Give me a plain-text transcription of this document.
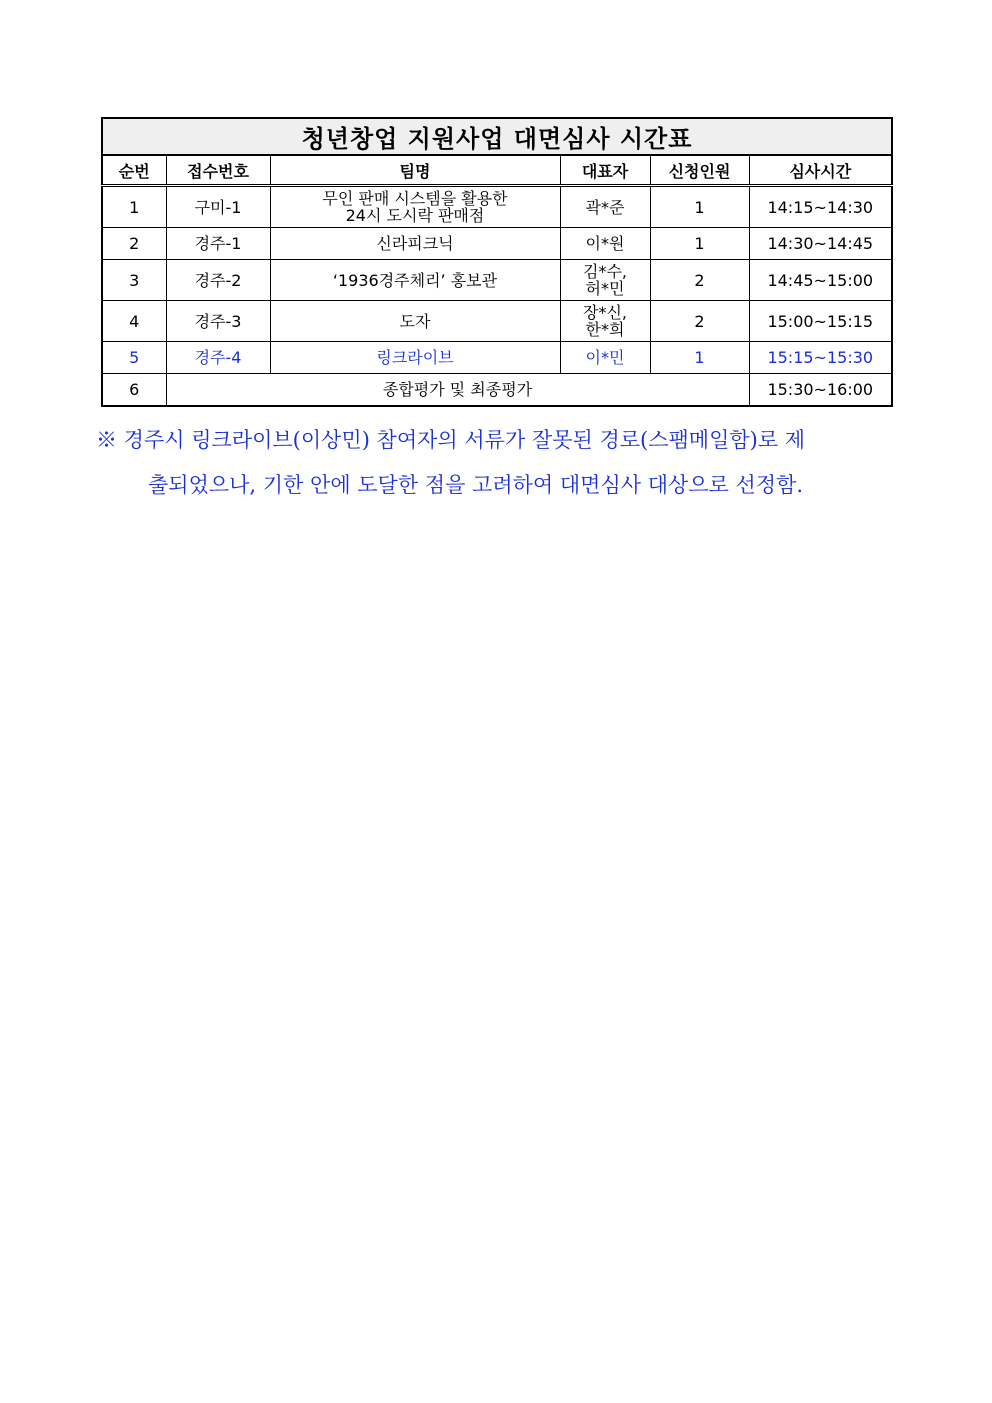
청년창업 지원사업 대면심사 시간표					
순번	접수번호	팀명	대표자	신청인원	심사시간
1	구미-1	무인 판매 시스템을 활용한
24시 도시락 판매점	곽*준	1	14:15~14:30
2	경주-1	신라피크닉	이*원	1	14:30~14:45
3	경주-2	‘1936경주체리’ 홍보관	김*수,
허*민	2	14:45~15:00
4	경주-3	도자	장*신,
한*희	2	15:00~15:15
5	경주-4	링크라이브	이*민	1	15:15~15:30
6	종합평가 및 최종평가				15:30~16:00
※ 경주시 링크라이브(이상민) 참여자의 서류가 잘못된 경로(스팸메일함)로 제
출되었으나, 기한 안에 도달한 점을 고려하여 대면심사 대상으로 선정함.
